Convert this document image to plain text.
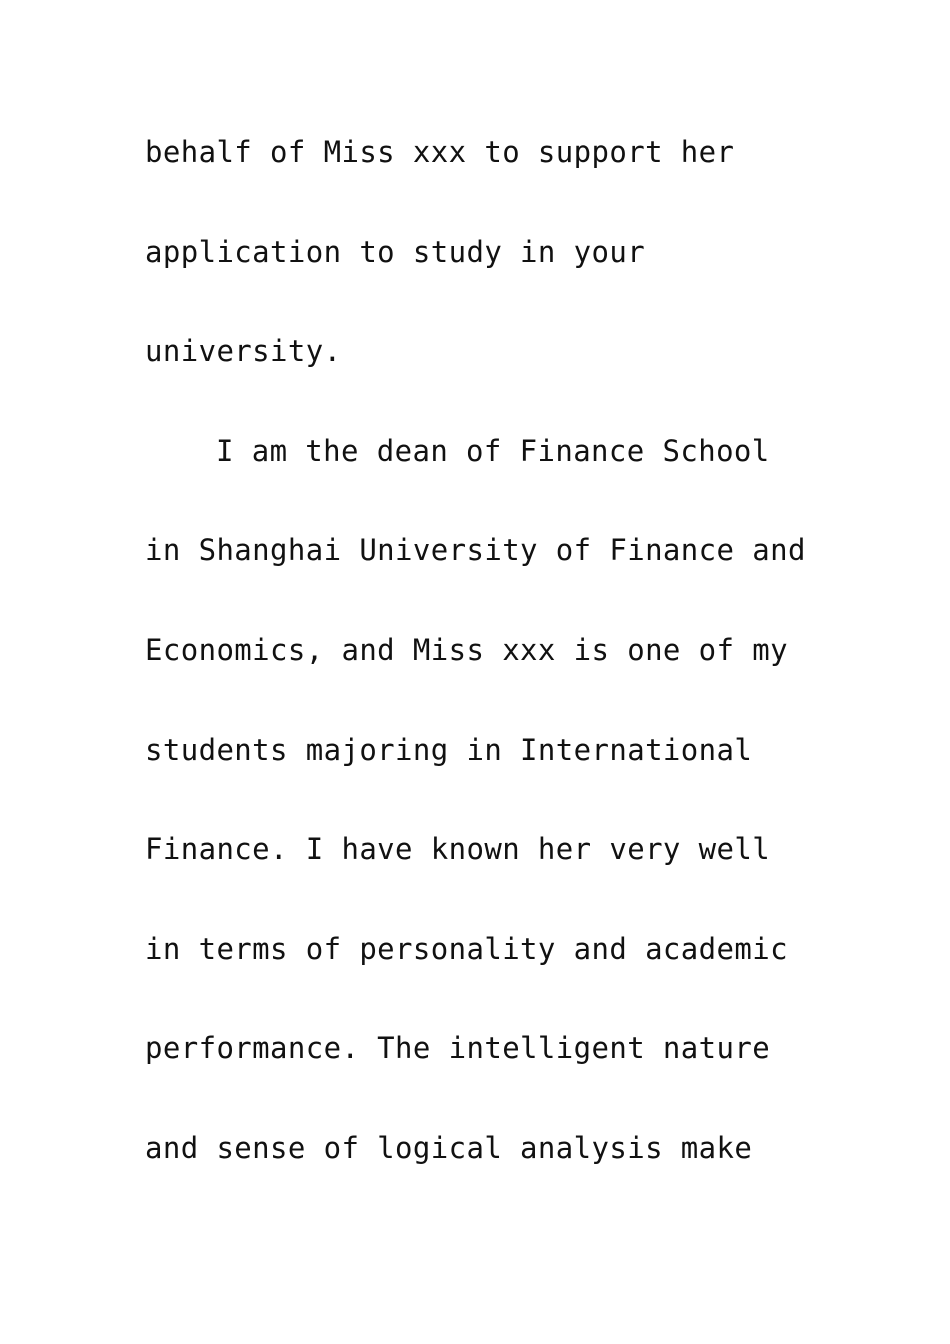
behalf of Miss xxx to support her
application to study in your
university.
I am the dean of Finance School
in Shanghai University of Finance and
Economics, and Miss xxx is one of my
students majoring in International
Finance. I have known her very well
in terms of personality and academic
performance. The intelligent nature
and sense of logical analysis make
